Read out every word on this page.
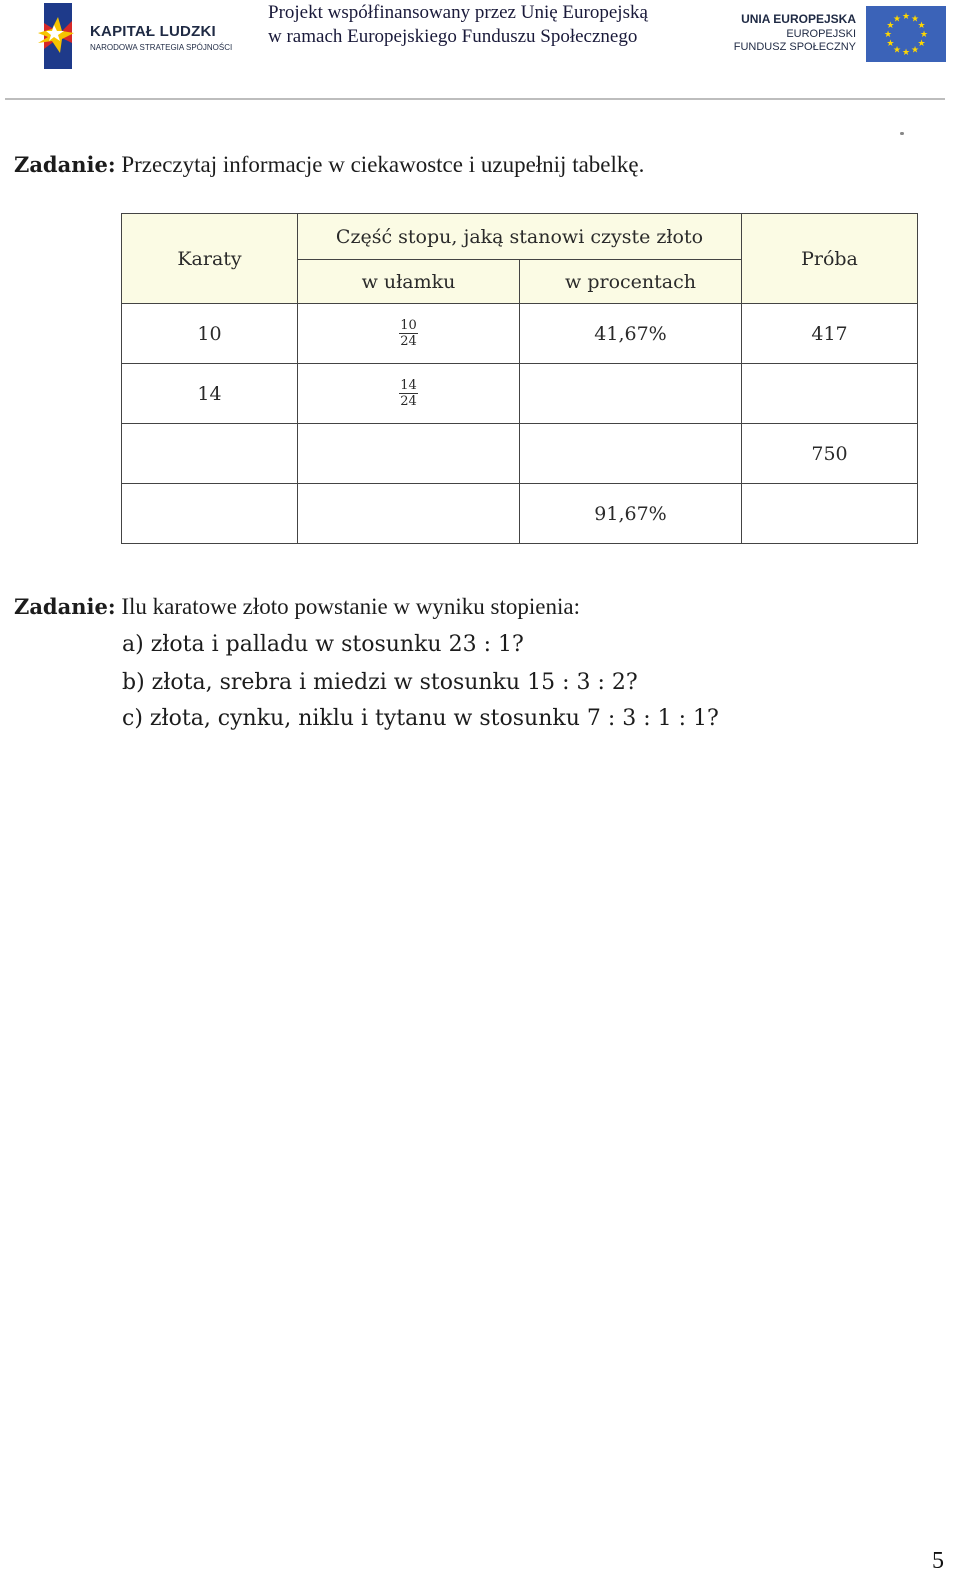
KAPITAŁ LUDZKI
NARODOWA STRATEGIA SPÓJNOŚCI
Projekt współfinansowany przez Unię Europejską
w ramach Europejskiego Funduszu Społecznego
UNIA EUROPEJSKA
EUROPEJSKI
FUNDUSZ SPOŁECZNY
★ ★
★
★
★
★
★
★
★
★
★
★
Zadanie: Przeczytaj informacje w ciekawostce i uzupełnij tabelkę.
Karaty	Część stopu, jaką stanowi czyste złoto		Próba
	w ułamku	w procentach	
10	$\frac{10}{24}$	41,67%	417
14	$\frac{14}{24}$

			750
		91,67%	
Zadanie: Ilu karatowe złoto powstanie w wyniku stopienia:
a) złota i palladu w stosunku 23 : 1?
b) złota, srebra i miedzi w stosunku 15 : 3 : 2?
c) złota, cynku, niklu i tytanu w stosunku 7 : 3 : 1 : 1?
5
